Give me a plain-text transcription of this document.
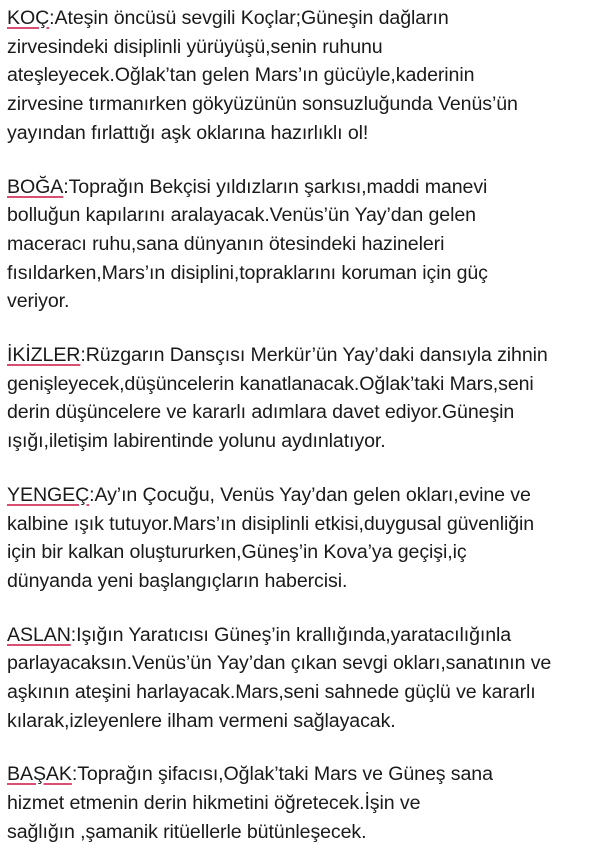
KOÇ:Ateşin öncüsü sevgili Koçlar;Güneşin dağların
zirvesindeki disiplinli yürüyüşü,senin ruhunu
ateşleyecek.Oğlak’tan gelen Mars’ın gücüyle,kaderinin
zirvesine tırmanırken gökyüzünün sonsuzluğunda Venüs’ün
yayından fırlattığı aşk oklarına hazırlıklı ol!

BOĞA:Toprağın Bekçisi yıldızların şarkısı,maddi manevi
bolluğun kapılarını aralayacak.Venüs’ün Yay’dan gelen
maceracı ruhu,sana dünyanın ötesindeki hazineleri
fısıldarken,Mars’ın disiplini,topraklarını koruman için güç
veriyor.

İKİZLER:Rüzgarın Dansçısı Merkür’ün Yay’daki dansıyla zihnin
genişleyecek,düşüncelerin kanatlanacak.Oğlak’taki Mars,seni
derin düşüncelere ve kararlı adımlara davet ediyor.Güneşin
ışığı,iletişim labirentinde yolunu aydınlatıyor.

YENGEÇ:Ay’ın Çocuğu, Venüs Yay’dan gelen okları,evine ve
kalbine ışık tutuyor.Mars’ın disiplinli etkisi,duygusal güvenliğin
için bir kalkan oluştururken,Güneş’in Kova’ya geçişi,iç
dünyanda yeni başlangıçların habercisi.

ASLAN:Işığın Yaratıcısı Güneş’in krallığında,yaratacılığınla
parlayacaksın.Venüs’ün Yay’dan çıkan sevgi okları,sanatının ve
aşkının ateşini harlayacak.Mars,seni sahnede güçlü ve kararlı
kılarak,izleyenlere ilham vermeni sağlayacak.

BAŞAK:Toprağın şifacısı,Oğlak’taki Mars ve Güneş sana
hizmet etmenin derin hikmetini öğretecek.İşin ve
sağlığın ,şamanik ritüellerle bütünleşecek.
